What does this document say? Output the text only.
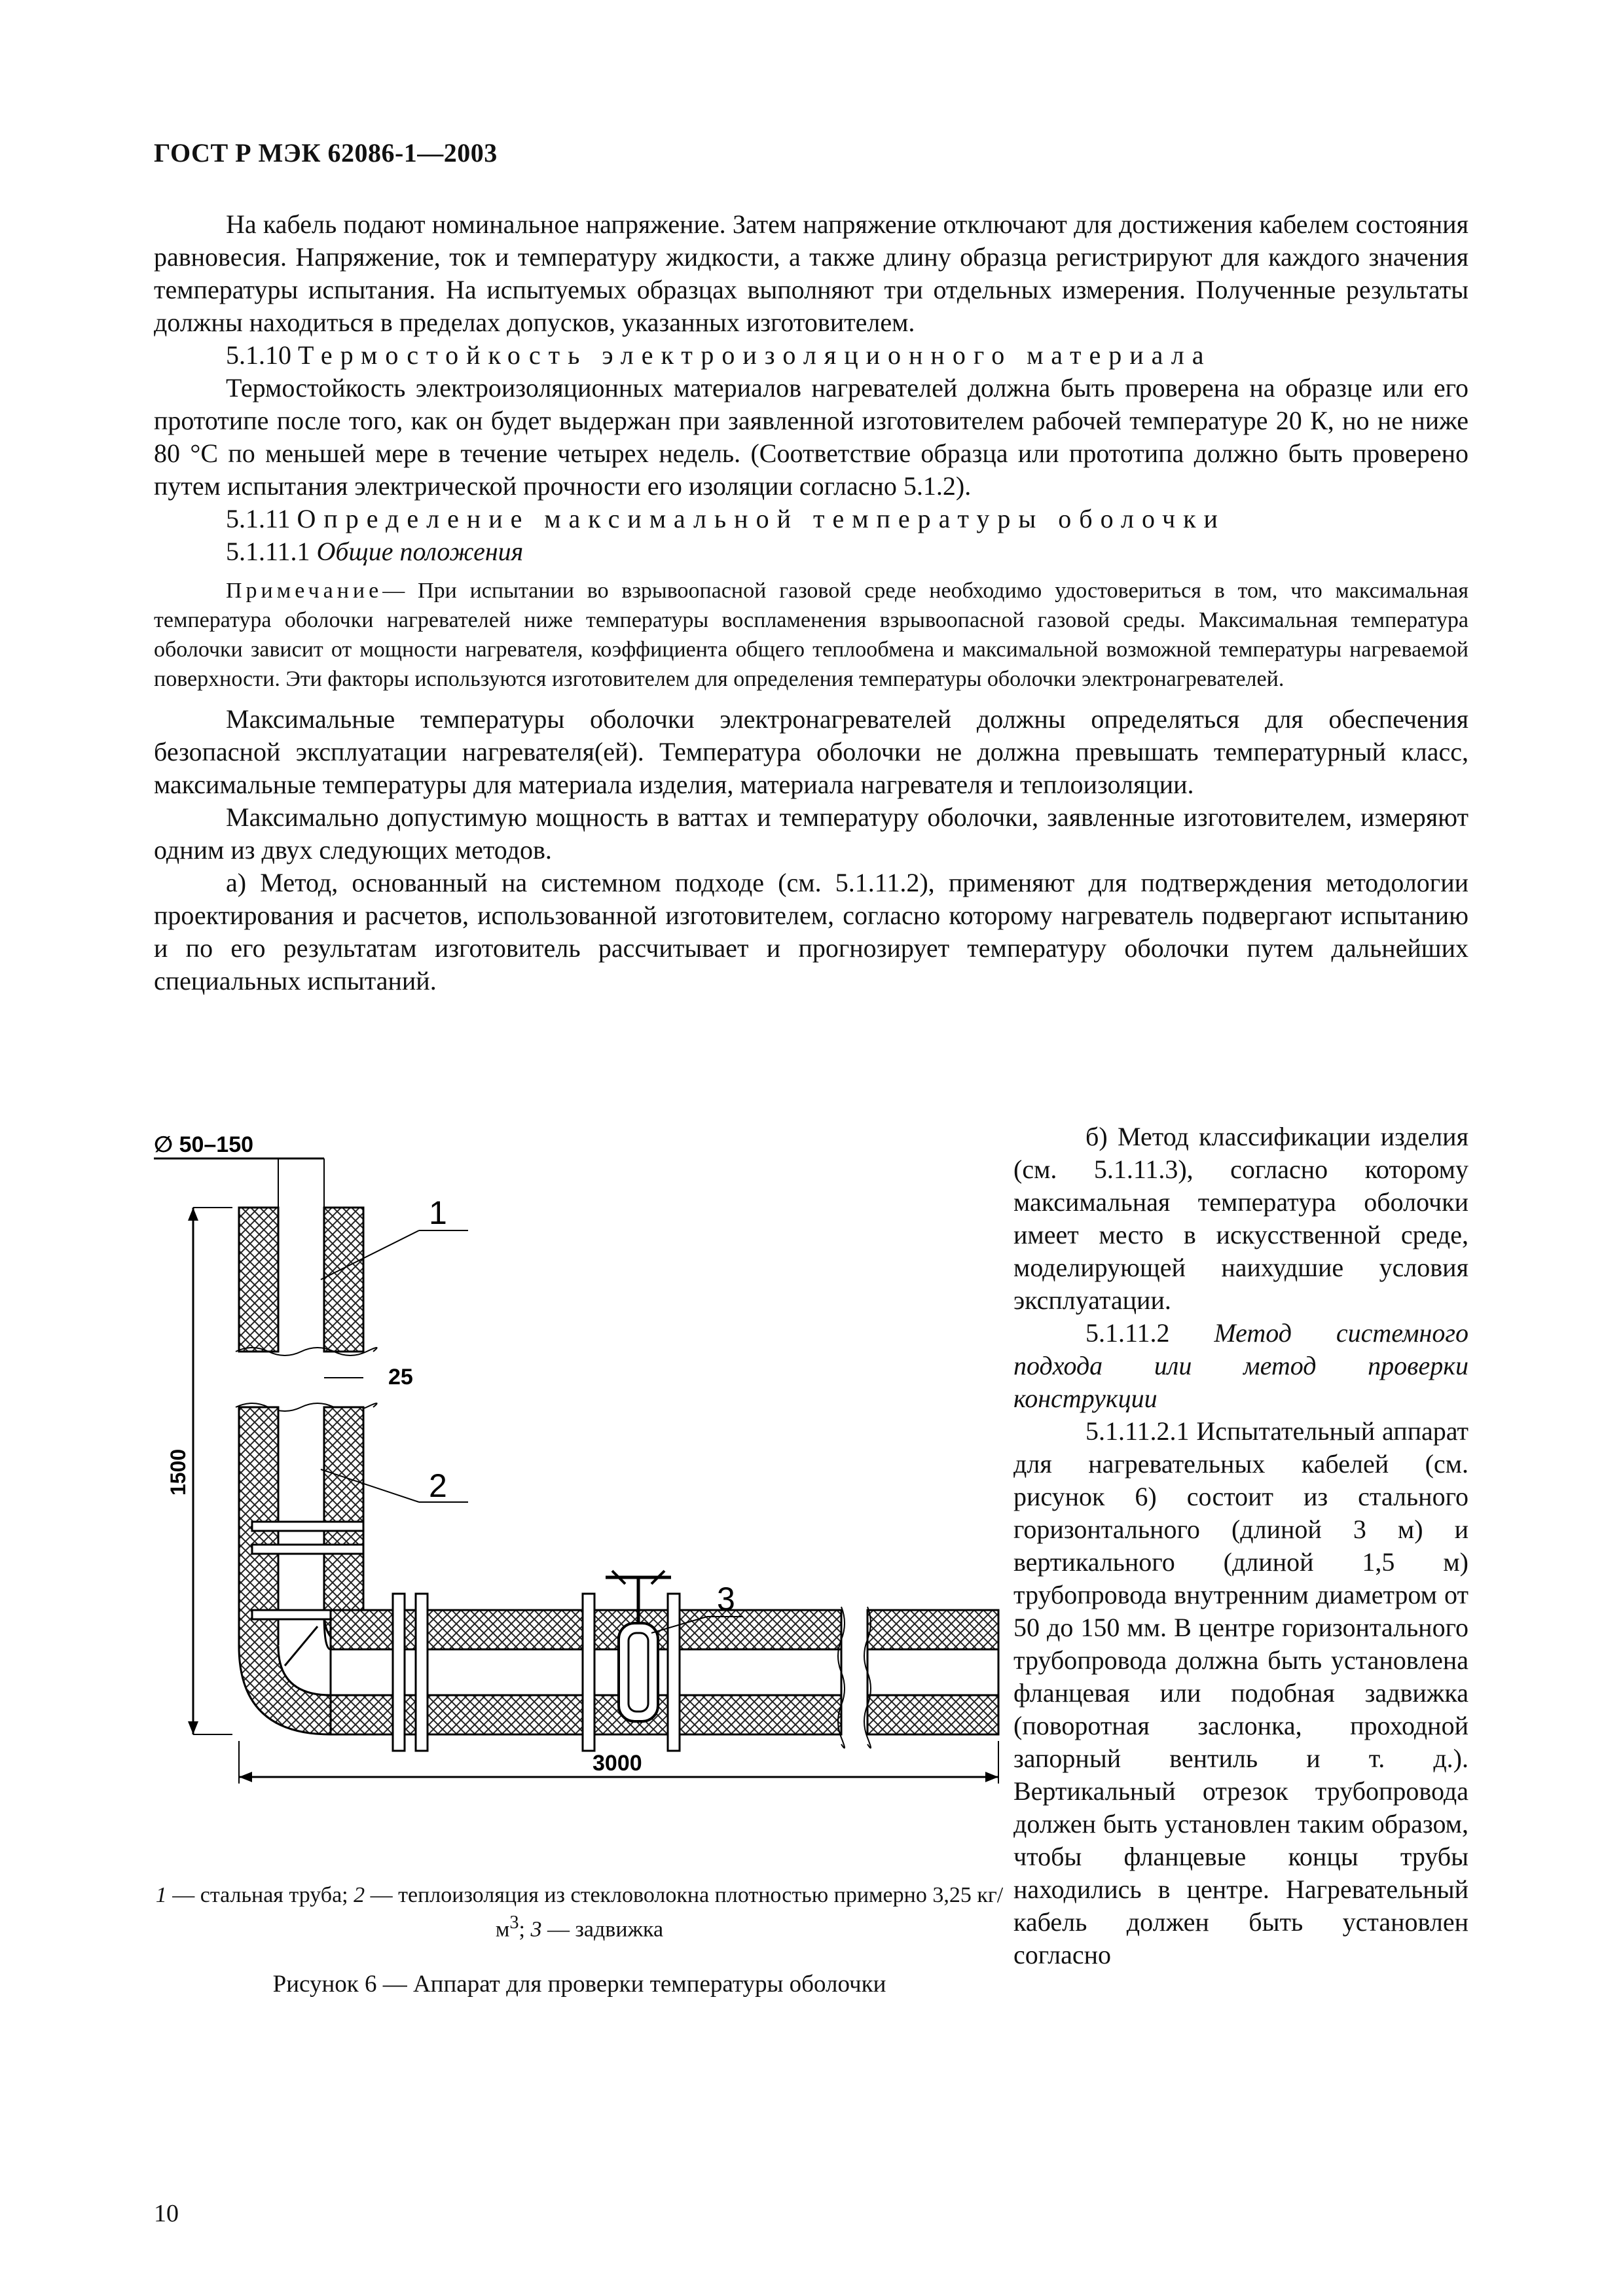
ГОСТ Р МЭК 62086-1—2003
На кабель подают номинальное напряжение. Затем напряжение отключают для достижения кабелем состояния равновесия. Напряжение, ток и температуру жидкости, а также длину образца регистрируют для каждого значения температуры испытания. На испытуемых образцах выполняют три отдельных измерения. Полученные результаты должны находиться в пределах допусков, указанных изготовителем.
5.1.10 Термостойкость электроизоляционного материала
Термостойкость электроизоляционных материалов нагревателей должна быть проверена на образце или его прототипе после того, как он будет выдержан при заявленной изготовителем рабочей температуре 20 К, но не ниже 80 °С по меньшей мере в течение четырех недель. (Соответствие образца или прототипа должно быть проверено путем испытания электрической прочности его изоляции согласно 5.1.2).
5.1.11 Определение максимальной температуры оболочки
5.1.11.1 Общие положения
Примечание— При испытании во взрывоопасной газовой среде необходимо удостовериться в том, что максимальная температура оболочки нагревателей ниже температуры воспламенения взрывоопасной газовой среды. Максимальная температура оболочки зависит от мощности нагревателя, коэффициента общего теплообмена и максимальной возможной температуры нагреваемой поверхности. Эти факторы используются изготовителем для определения температуры оболочки электронагревателей.
Максимальные температуры оболочки электронагревателей должны определяться для обеспечения безопасной эксплуатации нагревателя(ей). Температура оболочки не должна превышать температурный класс, максимальные температуры для материала изделия, материала нагревателя и теплоизоляции.
Максимально допустимую мощность в ваттах и температуру оболочки, заявленные изготовителем, измеряют одним из двух следующих методов.
а) Метод, основанный на системном подходе (см. 5.1.11.2), применяют для подтверждения методологии проектирования и расчетов, использованной изготовителем, согласно которому нагреватель подвергают испытанию и по его результатам изготовитель рассчитывает и прогнозирует температуру оболочки путем дальнейших специальных испытаний.
∅ 50–150
25
1
2
3
1500
3000
1 — стальная труба; 2 — теплоизоляция из стекловолокна плотностью примерно 3,25 $кг/м^3$; 3 — задвижка
Рисунок 6 — Аппарат для проверки температуры оболочки
б) Метод классификации изделия (см. 5.1.11.3), согласно которому максимальная температура оболочки имеет место в искусственной среде, моделирующей наихудшие условия эксплуатации.
5.1.11.2 Метод системного подхода или метод проверки конструкции
5.1.11.2.1 Испытательный аппарат для нагревательных кабелей (см. рисунок 6) состоит из стального горизонтального (длиной 3 м) и вертикального (длиной 1,5 м) трубопровода внутренним диаметром от 50 до 150 мм. В центре горизонтального трубопровода должна быть установлена фланцевая или подобная задвижка (поворотная заслонка, проходной запорный вентиль и т. д.). Вертикальный отрезок трубопровода должен быть установлен таким образом, чтобы фланцевые концы трубы находились в центре. Нагревательный кабель должен быть установлен согласно
10
